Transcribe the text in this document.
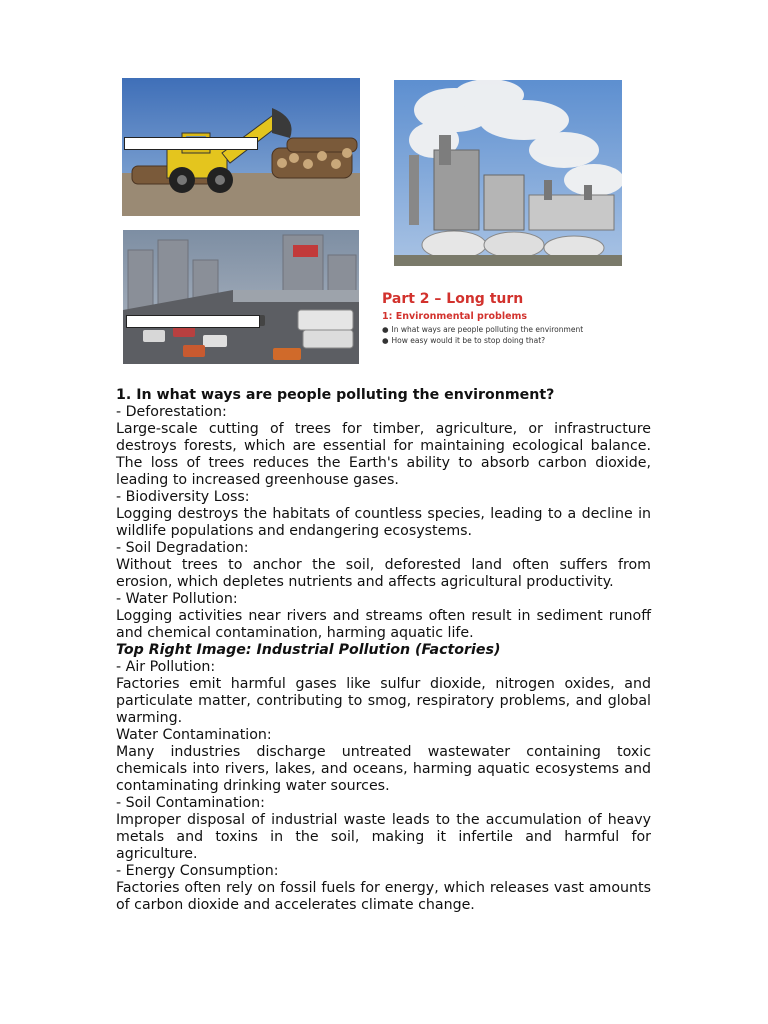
Part 2 – Long turn

1: Environmental problems

● In what ways are people polluting the environment

● How easy would it be to stop doing that?

1. In what ways are people polluting the environment?

- Deforestation:

Large-scale cutting of trees for timber, agriculture, or infrastructure destroys forests, which are essential for maintaining ecological balance. The loss of trees reduces the Earth's ability to absorb carbon dioxide, leading to increased greenhouse gases.

- Biodiversity Loss:

Logging destroys the habitats of countless species, leading to a decline in wildlife populations and endangering ecosystems.

- Soil Degradation:

Without trees to anchor the soil, deforested land often suffers from erosion, which depletes nutrients and affects agricultural productivity.

- Water Pollution:

Logging activities near rivers and streams often result in sediment runoff and chemical contamination, harming aquatic life.

Top Right Image: Industrial Pollution (Factories)

- Air Pollution:

Factories emit harmful gases like sulfur dioxide, nitrogen oxides, and particulate matter, contributing to smog, respiratory problems, and global warming.

Water Contamination:

Many industries discharge untreated wastewater containing toxic chemicals into rivers, lakes, and oceans, harming aquatic ecosystems and contaminating drinking water sources.

- Soil Contamination:

Improper disposal of industrial waste leads to the accumulation of heavy metals and toxins in the soil, making it infertile and harmful for agriculture.

- Energy Consumption:

Factories often rely on fossil fuels for energy, which releases vast amounts of carbon dioxide and accelerates climate change.
